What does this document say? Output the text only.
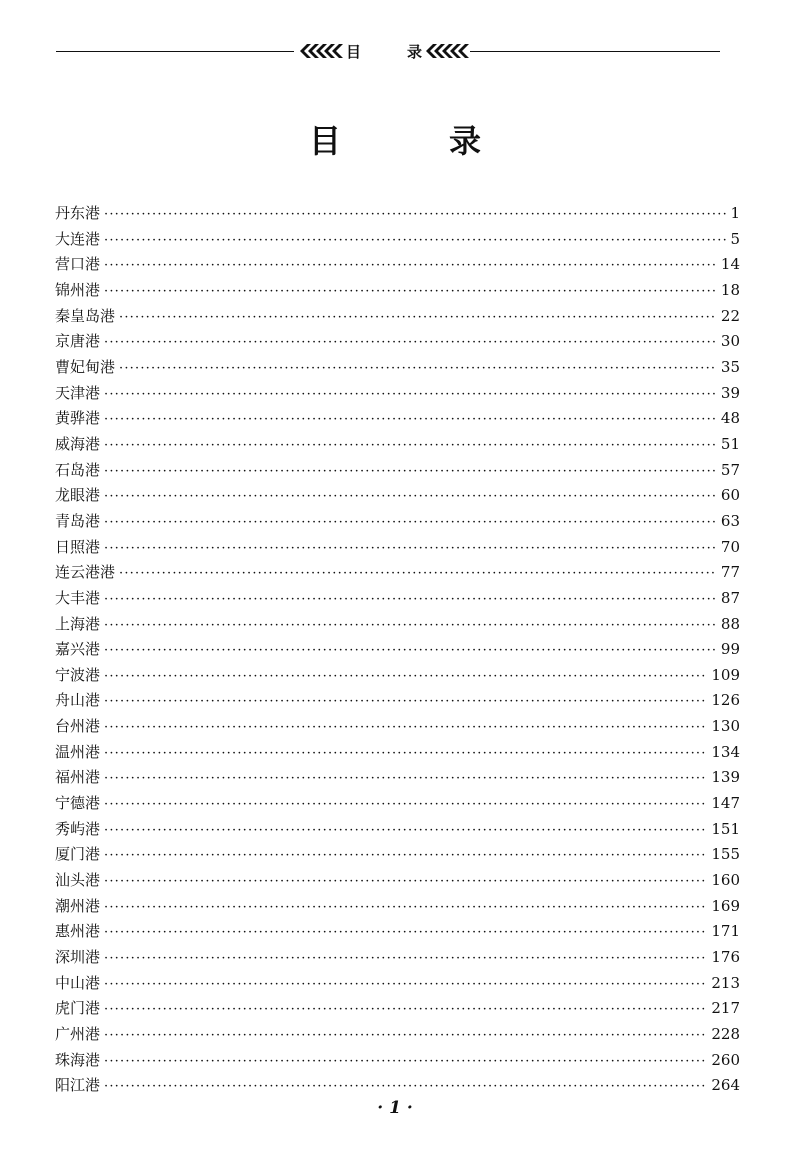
目	录
目　录
丹东港 ·····	1
大连港 ·····	5
营口港 ·····	14
锦州港 ·····	18
秦皇岛港 ·····	22
京唐港 ·····	30
曹妃甸港 ·····	35
天津港 ·····	39
黄骅港 ·····	48
威海港 ·····	51
石岛港 ·····	57
龙眼港 ·····	60
青岛港 ·····	63
日照港 ·····	70
连云港港 ·····	77
大丰港 ·····	87
上海港 ·····	88
嘉兴港 ·····	99
宁波港 ·····	109
舟山港 ·····	126
台州港 ·····	130
温州港 ·····	134
福州港 ·····	139
宁德港 ·····	147
秀屿港 ·····	151
厦门港 ·····	155
汕头港 ·····	160
潮州港 ·····	169
惠州港 ·····	171
深圳港 ·····	176
中山港 ·····	213
虎门港 ·····	217
广州港 ·····	228
珠海港 ·····	260
阳江港 ·····	264
· 1 ·
